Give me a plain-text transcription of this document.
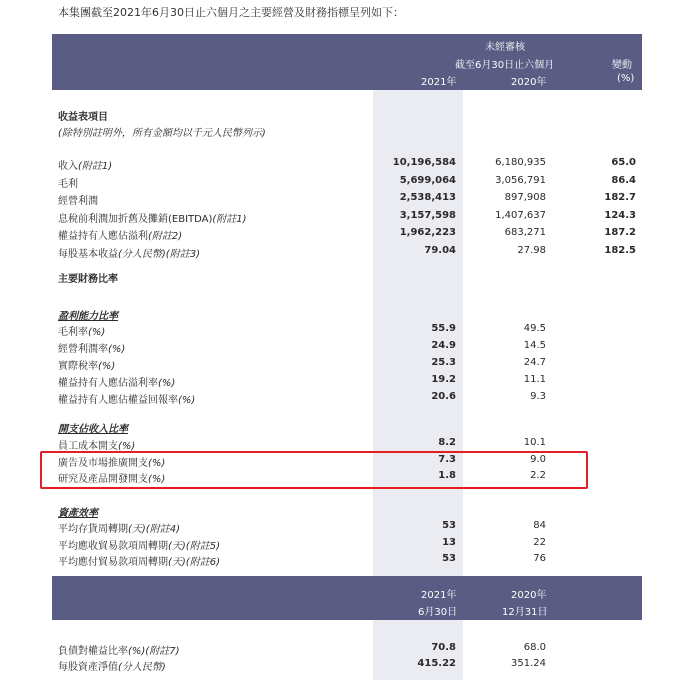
本集團截至2021年6月30日止六個月之主要經營及財務指標呈列如下：
未經審核
截至6月30日止六個月
2021年	2020年
變動
(%)
收益表項目
(除特別註明外，所有金額均以千元人民幣列示)
收入(附註1)	10,196,584	6,180,935	65.0
毛利	5,699,064	3,056,791	86.4
經營利潤	2,538,413	897,908	182.7
息稅前利潤加折舊及攤銷(EBITDA)(附註1)	3,157,598	1,407,637	124.3
權益持有人應佔溢利(附註2)	1,962,223	683,271	187.2
每股基本收益(分人民幣)(附註3)	79.04	27.98	182.5
主要財務比率
盈利能力比率
毛利率(%)	55.9	49.5
經營利潤率(%)	24.9	14.5
實際稅率(%)	25.3	24.7
權益持有人應佔溢利率(%)	19.2	11.1
權益持有人應佔權益回報率(%)	20.6	9.3
開支佔收入比率
員工成本開支(%)	8.2	10.1
廣告及市場推廣開支(%)	7.3	9.0
研究及產品開發開支(%)	1.8	2.2
資產效率
平均存貨周轉期(天)(附註4)	53	84
平均應收貿易款項周轉期(天)(附註5)	13	22
平均應付貿易款項周轉期(天)(附註6)	53	76
2021年
6月30日
2020年
12月31日
負債對權益比率(%)(附註7)	70.8	68.0
每股資產淨值(分人民幣)	415.22	351.24
